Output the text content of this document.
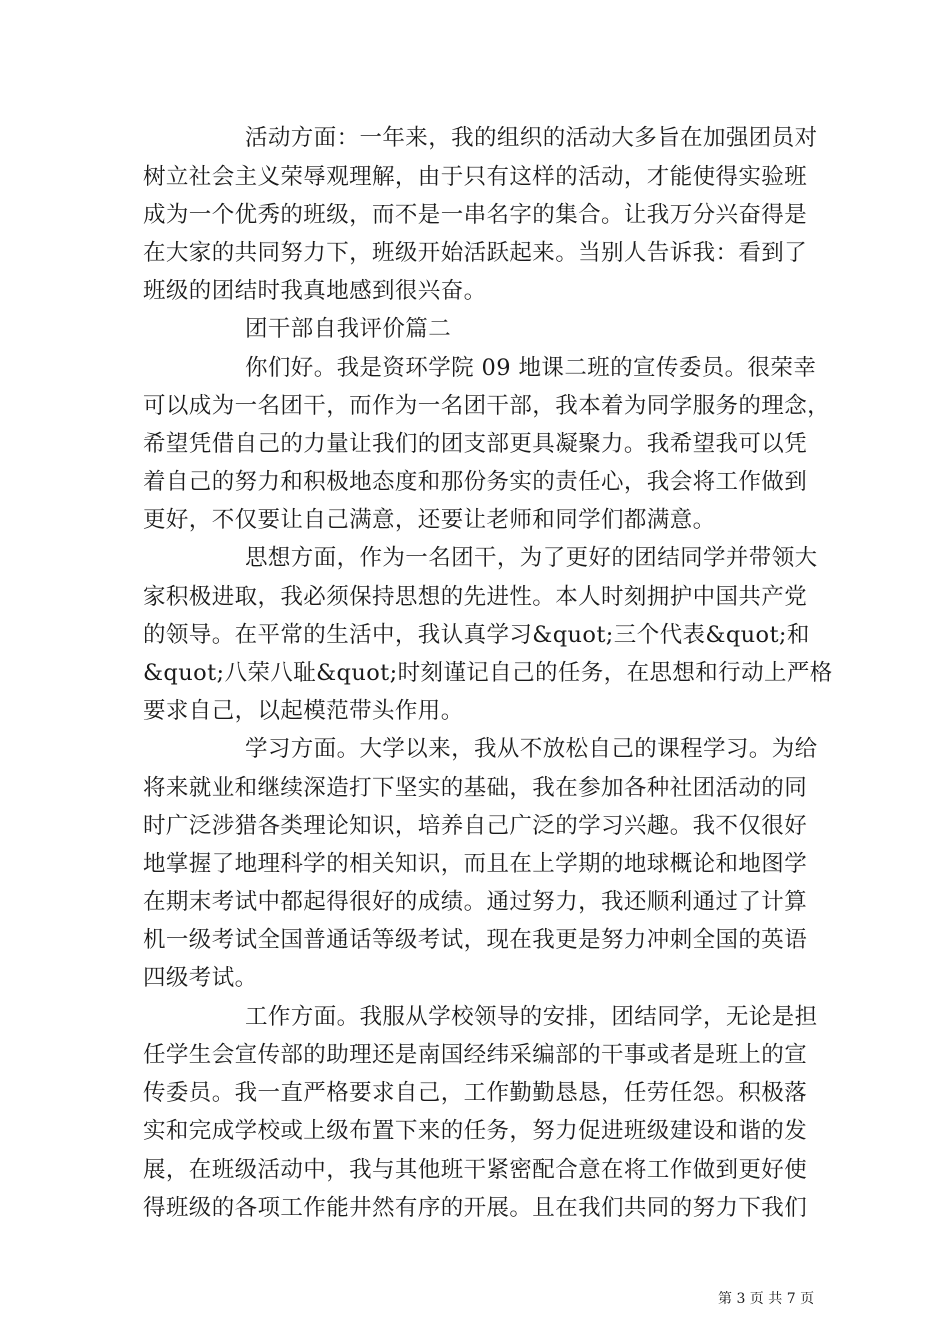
活动方面：一年来，我的组织的活动大多旨在加强团员对
树立社会主义荣辱观理解，由于只有这样的活动，才能使得实验班
成为一个优秀的班级，而不是一串名字的集合。让我万分兴奋得是
在大家的共同努力下，班级开始活跃起来。当别人告诉我：看到了
班级的团结时我真地感到很兴奋。
团干部自我评价篇二
你们好。我是资环学院 09 地课二班的宣传委员。很荣幸
可以成为一名团干，而作为一名团干部，我本着为同学服务的理念，
希望凭借自己的力量让我们的团支部更具凝聚力。我希望我可以凭
着自己的努力和积极地态度和那份务实的责任心，我会将工作做到
更好，不仅要让自己满意，还要让老师和同学们都满意。
思想方面，作为一名团干，为了更好的团结同学并带领大
家积极进取，我必须保持思想的先进性。本人时刻拥护中国共产党
的领导。在平常的生活中，我认真学习&quot;三个代表&quot;和
&quot;八荣八耻&quot;时刻谨记自己的任务，在思想和行动上严格
要求自己，以起模范带头作用。
学习方面。大学以来，我从不放松自己的课程学习。为给
将来就业和继续深造打下坚实的基础，我在参加各种社团活动的同
时广泛涉猎各类理论知识，培养自己广泛的学习兴趣。我不仅很好
地掌握了地理科学的相关知识，而且在上学期的地球概论和地图学
在期末考试中都起得很好的成绩。通过努力，我还顺利通过了计算
机一级考试全国普通话等级考试，现在我更是努力冲刺全国的英语
四级考试。
工作方面。我服从学校领导的安排，团结同学，无论是担
任学生会宣传部的助理还是南国经纬采编部的干事或者是班上的宣
传委员。我一直严格要求自己，工作勤勤恳恳，任劳任怨。积极落
实和完成学校或上级布置下来的任务，努力促进班级建设和谐的发
展，在班级活动中，我与其他班干紧密配合意在将工作做到更好使
得班级的各项工作能井然有序的开展。且在我们共同的努力下我们
第 3 页 共 7 页
